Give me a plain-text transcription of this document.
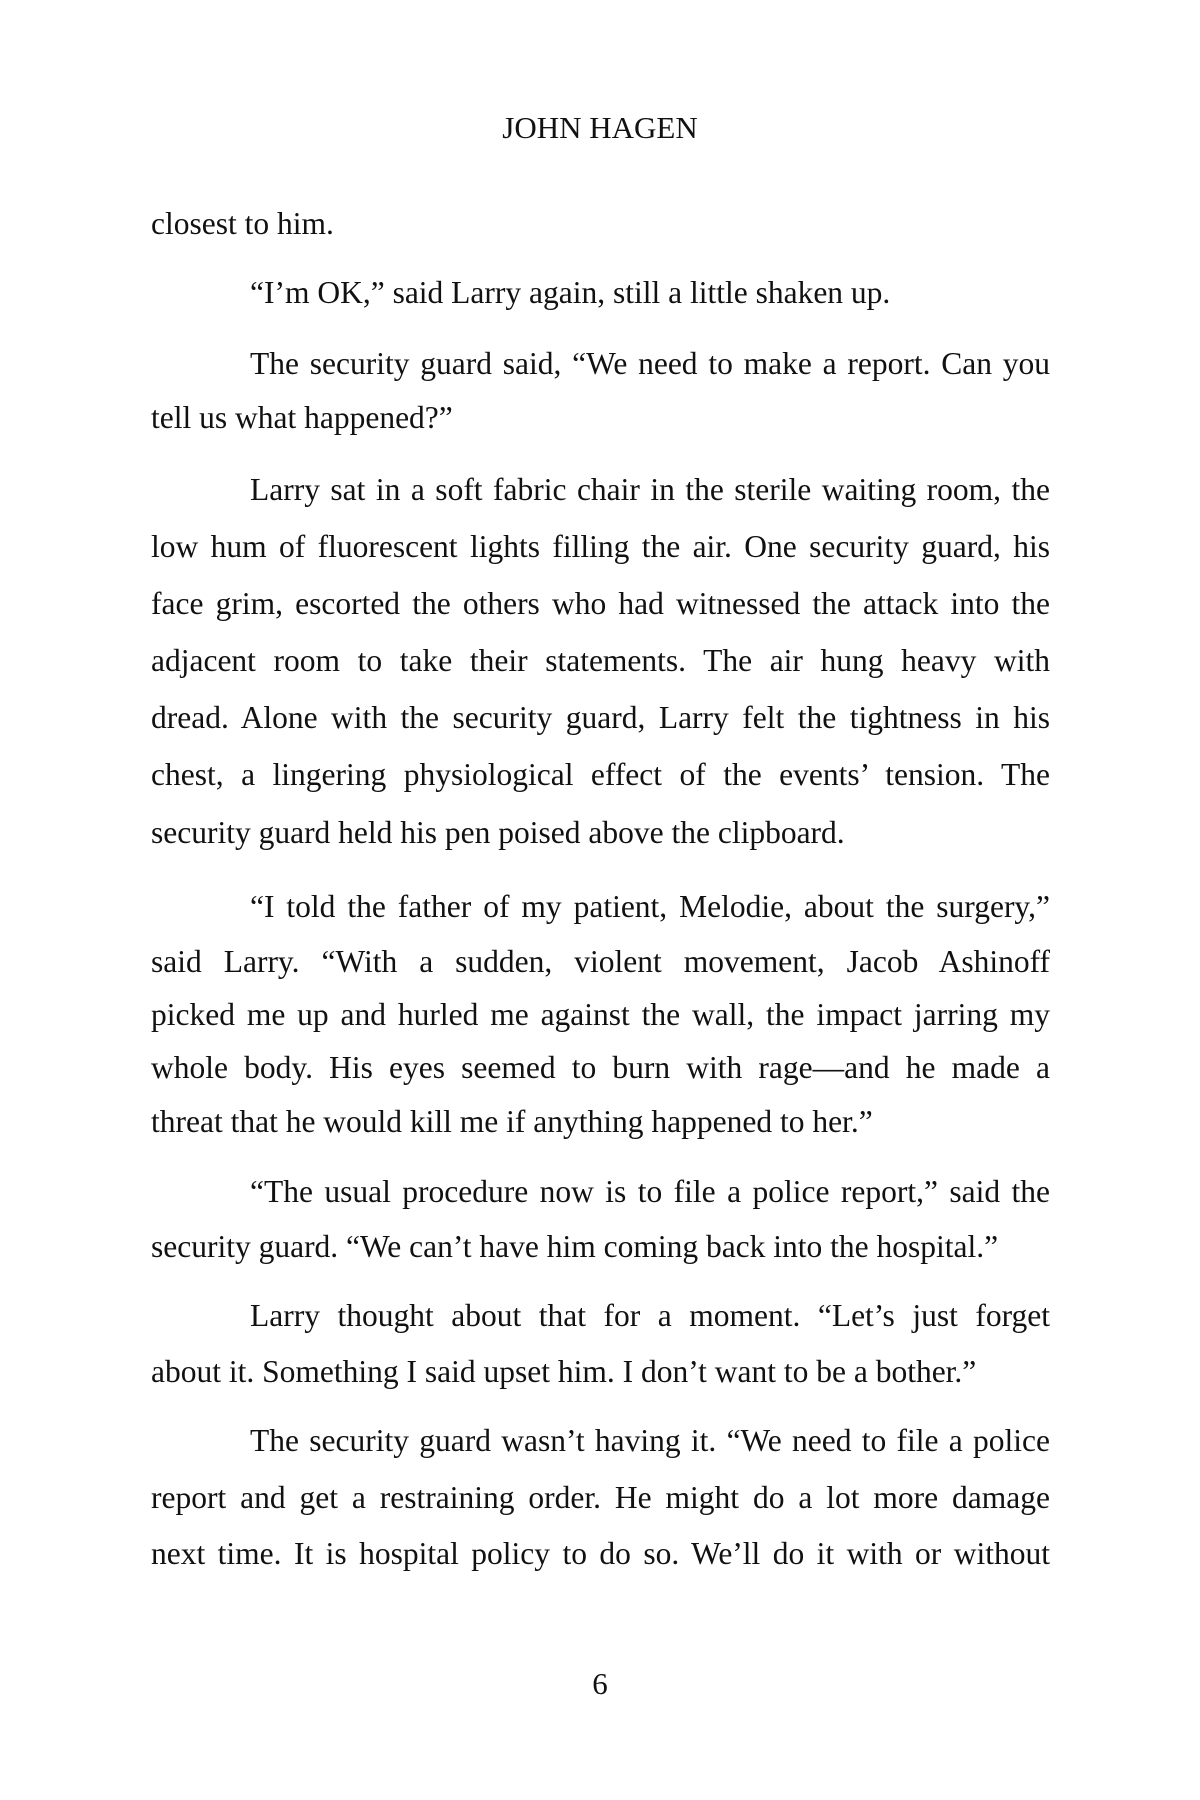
JOHN HAGEN
closest to him.
“I’m OK,” said Larry again, still a little shaken up.
The security guard said, “We need to make a report. Can you
tell us what happened?”
Larry sat in a soft fabric chair in the sterile waiting room, the
low hum of fluorescent lights filling the air. One security guard, his
face grim, escorted the others who had witnessed the attack into the
adjacent room to take their statements. The air hung heavy with
dread. Alone with the security guard, Larry felt the tightness in his
chest, a lingering physiological effect of the events’ tension. The
security guard held his pen poised above the clipboard.
“I told the father of my patient, Melodie, about the surgery,”
said Larry. “With a sudden, violent movement, Jacob Ashinoff
picked me up and hurled me against the wall, the impact jarring my
whole body. His eyes seemed to burn with rage—and he made a
threat that he would kill me if anything happened to her.”
“The usual procedure now is to file a police report,” said the
security guard. “We can’t have him coming back into the hospital.”
Larry thought about that for a moment. “Let’s just forget
about it. Something I said upset him. I don’t want to be a bother.”
The security guard wasn’t having it. “We need to file a police
report and get a restraining order. He might do a lot more damage
next time. It is hospital policy to do so. We’ll do it with or without
6
